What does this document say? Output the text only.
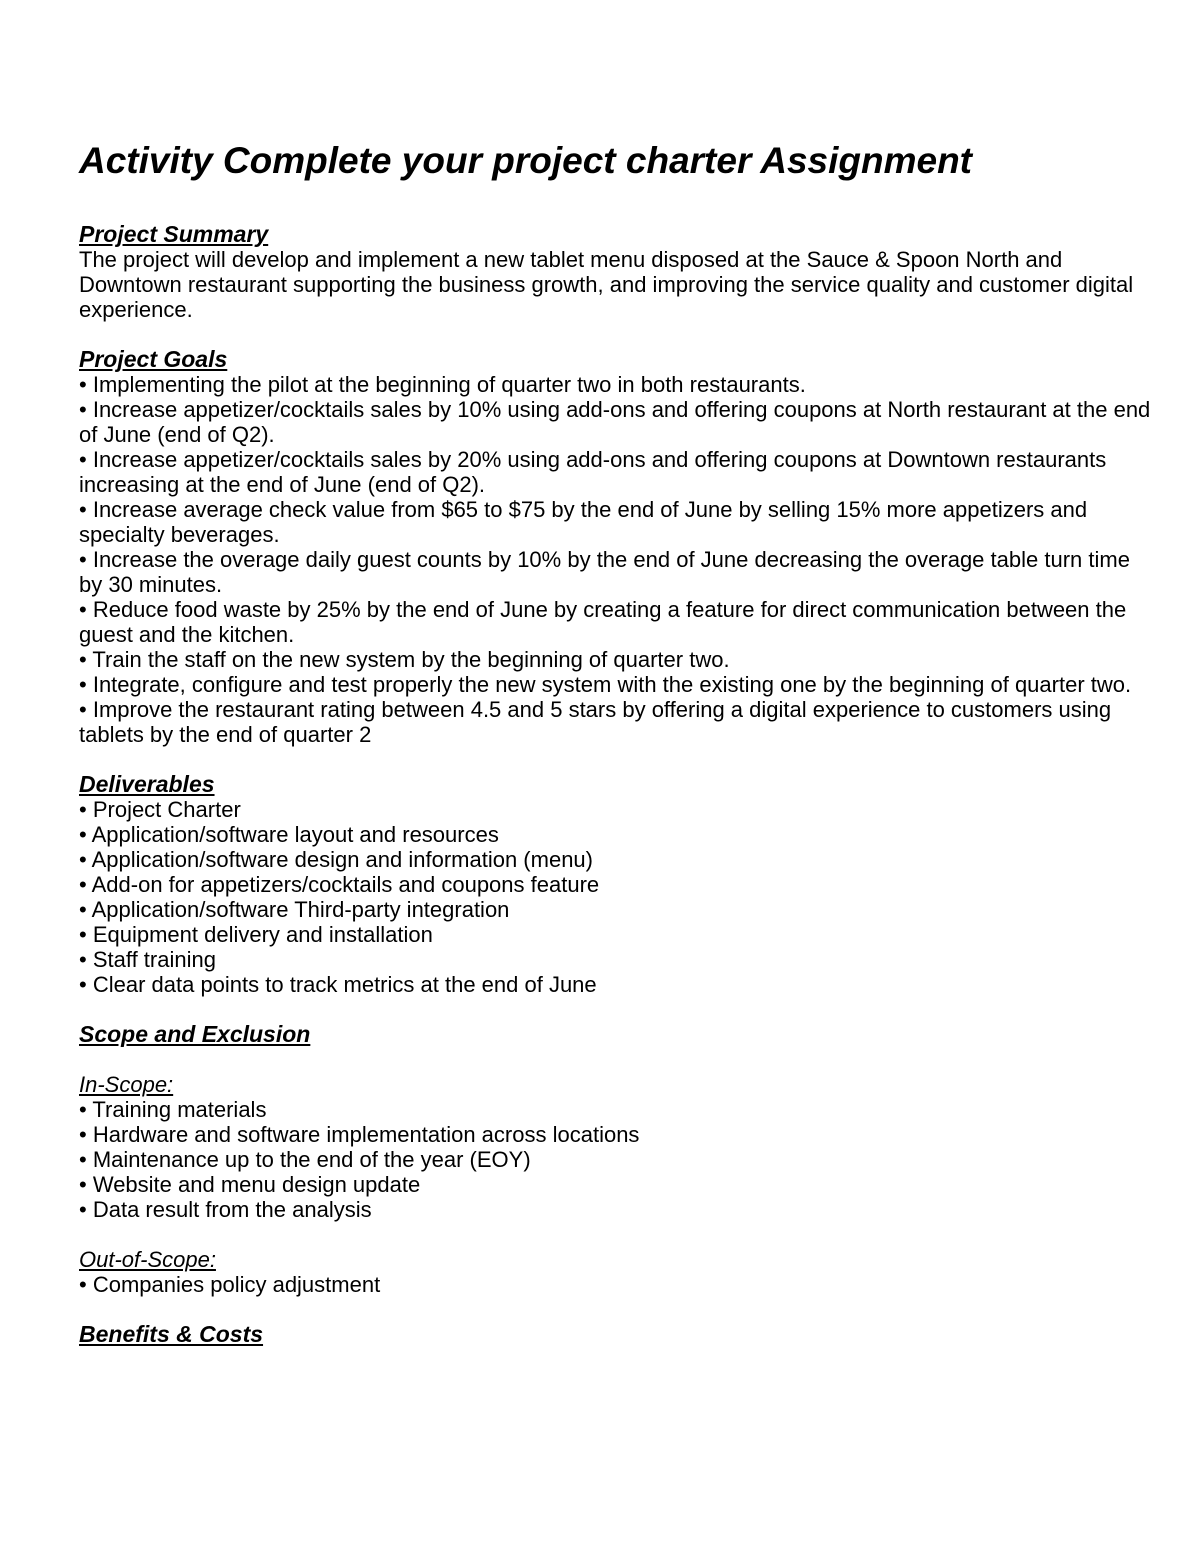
Activity Complete your project charter Assignment
Project Summary

The project will develop and implement a new tablet menu disposed at the Sauce & Spoon North and Downtown restaurant supporting the business growth, and improving the service quality and customer digital experience.

Project Goals
• Implementing the pilot at the beginning of quarter two in both restaurants.
• Increase appetizer/cocktails sales by 10% using add-ons and offering coupons at North restaurant at the end of June (end of Q2).
• Increase appetizer/cocktails sales by 20% using add-ons and offering coupons at Downtown restaurants increasing at the end of June (end of Q2).
• Increase average check value from $65 to $75 by the end of June by selling 15% more appetizers and specialty beverages.
• Increase the overage daily guest counts by 10% by the end of June decreasing the overage table turn time by 30 minutes.
• Reduce food waste by 25% by the end of June by creating a feature for direct communication between the guest and the kitchen.
• Train the staff on the new system by the beginning of quarter two.
• Integrate, configure and test properly the new system with the existing one by the beginning of quarter two.
• Improve the restaurant rating between 4.5 and 5 stars by offering a digital experience to customers using tablets by the end of quarter 2
Deliverables
• Project Charter
• Application/software layout and resources
• Application/software design and information (menu)
• Add-on for appetizers/cocktails and coupons feature
• Application/software Third-party integration
• Equipment delivery and installation
• Staff training
• Clear data points to track metrics at the end of June
Scope and Exclusion

In-Scope:

• Training materials
• Hardware and software implementation across locations
• Maintenance up to the end of the year (EOY)
• Website and menu design update
• Data result from the analysis

Out-of-Scope:

• Companies policy adjustment
Benefits & Costs
